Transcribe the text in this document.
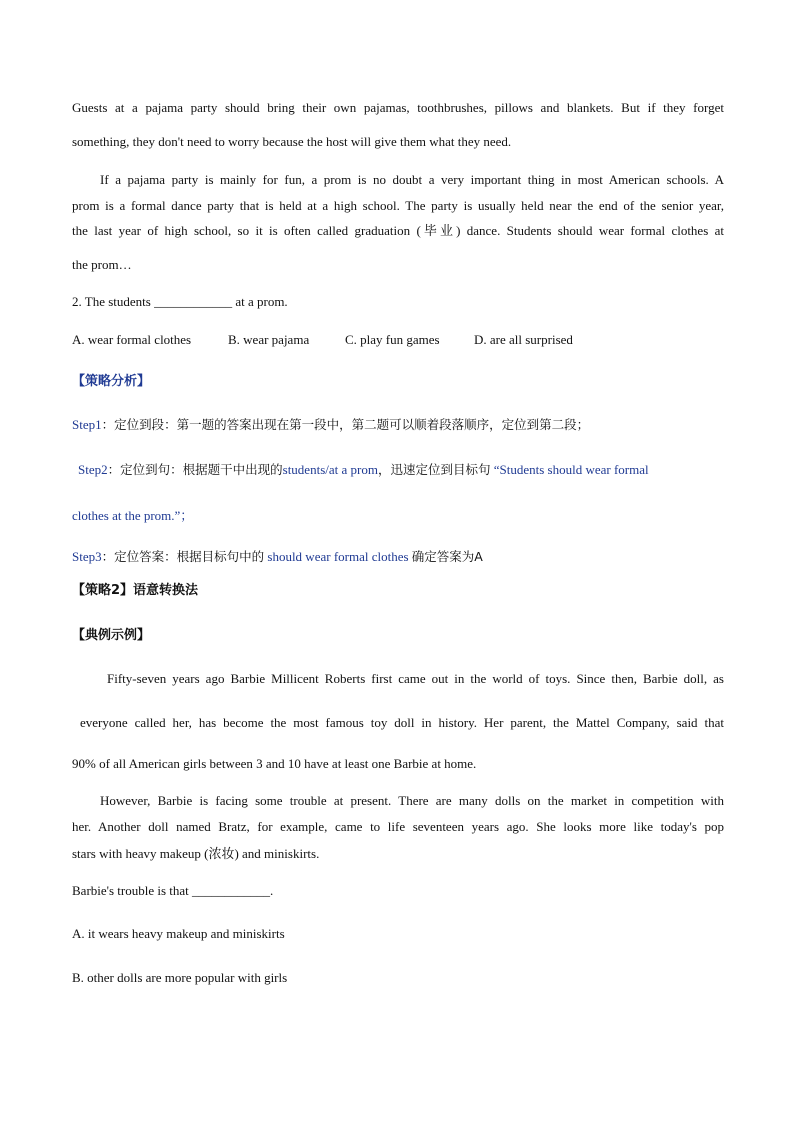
Guests at a pajama party should bring their own pajamas, toothbrushes, pillows and blankets. But if they forget
something, they don't need to worry because the host will give them what they need.
If a pajama party is mainly for fun, a prom is no doubt a very important thing in most American schools. A
prom is a formal dance party that is held at a high school. The party is usually held near the end of the senior year,
the last year of high school, so it is often called graduation (毕业) dance. Students should wear formal clothes at
the prom…
2. The students ____________ at a prom.
A. wear formal clothes	B. wear pajama	C. play fun games	D. are all surprised
【策略分析】
Step1：定位到段：第一题的答案出现在第一段中，第二题可以顺着段落顺序，定位到第二段；
Step2：定位到句：根据题干中出现的students/at a prom，迅速定位到目标句 “Students should wear formal
clothes at the prom.”；
Step3：定位答案：根据目标句中的 should wear formal clothes 确定答案为A
【策略2】语意转换法
【典例示例】
Fifty-seven years ago Barbie Millicent Roberts first came out in the world of toys. Since then, Barbie doll, as
everyone called her, has become the most famous toy doll in history. Her parent, the Mattel Company, said that
90% of all American girls between 3 and 10 have at least one Barbie at home.
However, Barbie is facing some trouble at present. There are many dolls on the market in competition with
her. Another doll named Bratz, for example, came to life seventeen years ago. She looks more like today's pop
stars with heavy makeup (浓妆) and miniskirts.
Barbie's trouble is that ____________.
A. it wears heavy makeup and miniskirts
B. other dolls are more popular with girls
